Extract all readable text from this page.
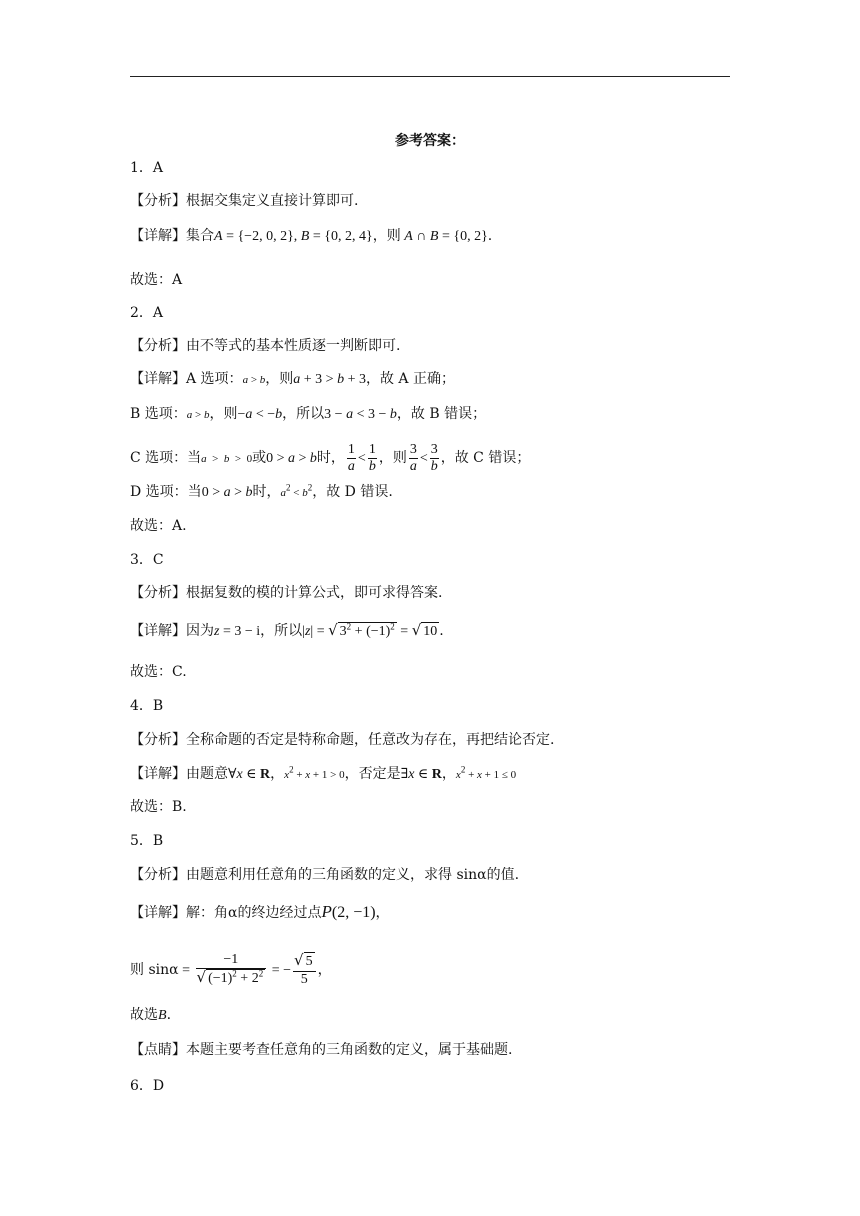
参考答案：
1．A
【分析】根据交集定义直接计算即可.
【详解】集合A = {−2, 0, 2}, B = {0, 2, 4}，则 A ∩ B = {0, 2}.
故选：A
2．A
【分析】由不等式的基本性质逐一判断即可.
【详解】A 选项：a > b，则a + 3 > b + 3，故 A 正确；
B 选项：a > b，则−a < −b，所以3 − a < 3 − b，故 B 错误；
C 选项：当a  >  b  >  0或0 > a > b时， $\frac{1}{a} < \frac{1}{b}$ ，则 $\frac{3}{a} < \frac{3}{b}$ ，故 C 错误；
D 选项：当0 > a > b时，$a^2 < b^2$，故 D 错误.
故选：A.
3．C
【分析】根据复数的模的计算公式，即可求得答案.
【详解】因为z = 3 − i，所以|z| = √ $3^2 + (-1)^2$ = √ 10 .
故选：C.
4．B
【分析】全称命题的否定是特称命题，任意改为存在，再把结论否定.
【详解】由题意∀x ∈ R，$x^2 + x + 1 > 0$，否定是∃x ∈ R，$x^2 + x + 1 \le 0$
故选：B.
5．B
【分析】由题意利用任意角的三角函数的定义，求得 sinα的值.
【详解】解：角α的终边经过点P(2, −1)，
则 $\sin\alpha = \frac{-1}{√ (-1)^2 + 2^2}$ = − $\frac{√ 5}{5}$ ，
故选B.
【点睛】本题主要考查任意角的三角函数的定义，属于基础题.
6．D
